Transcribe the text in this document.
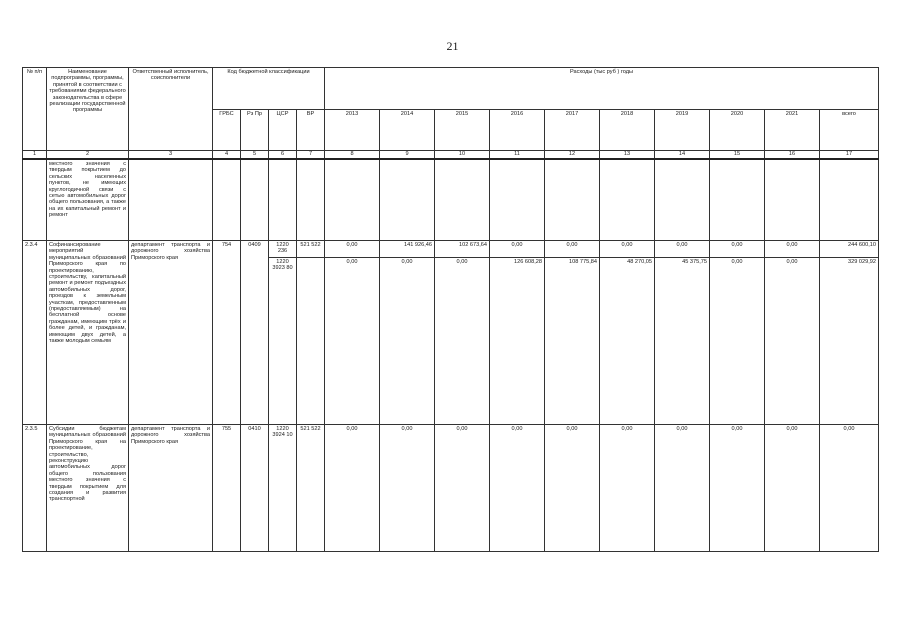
21
№ п/п	Наименование подпрограммы, программы, принятой в соответствии с требованиями федерального законодательства в сфере реализации государственной программы	Ответственный исполнитель, соисполнители	Код бюджетной классификации				Расходы (тыс руб ) годы									
			ГРБС	Рз Пр	ЦСР	ВР	2013	2014	2015	2016	2017	2018	2019	2020	2021	всего
1	2	3	4	5	6	7	8	9	10	11	12	13	14	15	16	17
	местного значения с твердым покрытием до сельских населенных пунктов, не имеющих круглогодичной связи с сетью автомобильных дорог общего пользования, а также на их капитальный ремонт и ремонт															
2.3.4	Софинансирование мероприятий муниципальных образований Приморского края по проектированию, строительству, капитальный ремонт и ремонт подъездных автомобильных дорог, проездов к земельным участкам, предоставленным (предоставляемым) на бесплатной основе гражданам, имеющим трёх и более детей, и гражданам, имеющим двух детей, а также молодым семьям	департамент транспорта и дорожного хозяйства Приморского края	754	0409	1220 236	521 522	0,00	141 926,46	102 673,64	0,00	0,00	0,00	0,00	0,00	0,00	244 600,10
					1220 3923 80		0,00	0,00	0,00	126 608,28	108 775,84	48 270,05	45 375,75	0,00	0,00	329 029,92
2.3.5	Субсидии бюджетам муниципальных образований Приморского края на проектирование, строительство, реконструкцию автомобильных дорог общего пользования местного значения с твердым покрытием для создания и развития транспортной	департамент транспорта и дорожного хозяйства Приморского края	755	0410	1220 3924 10	521 522	0,00	0,00	0,00	0,00	0,00	0,00	0,00	0,00	0,00	0,00
